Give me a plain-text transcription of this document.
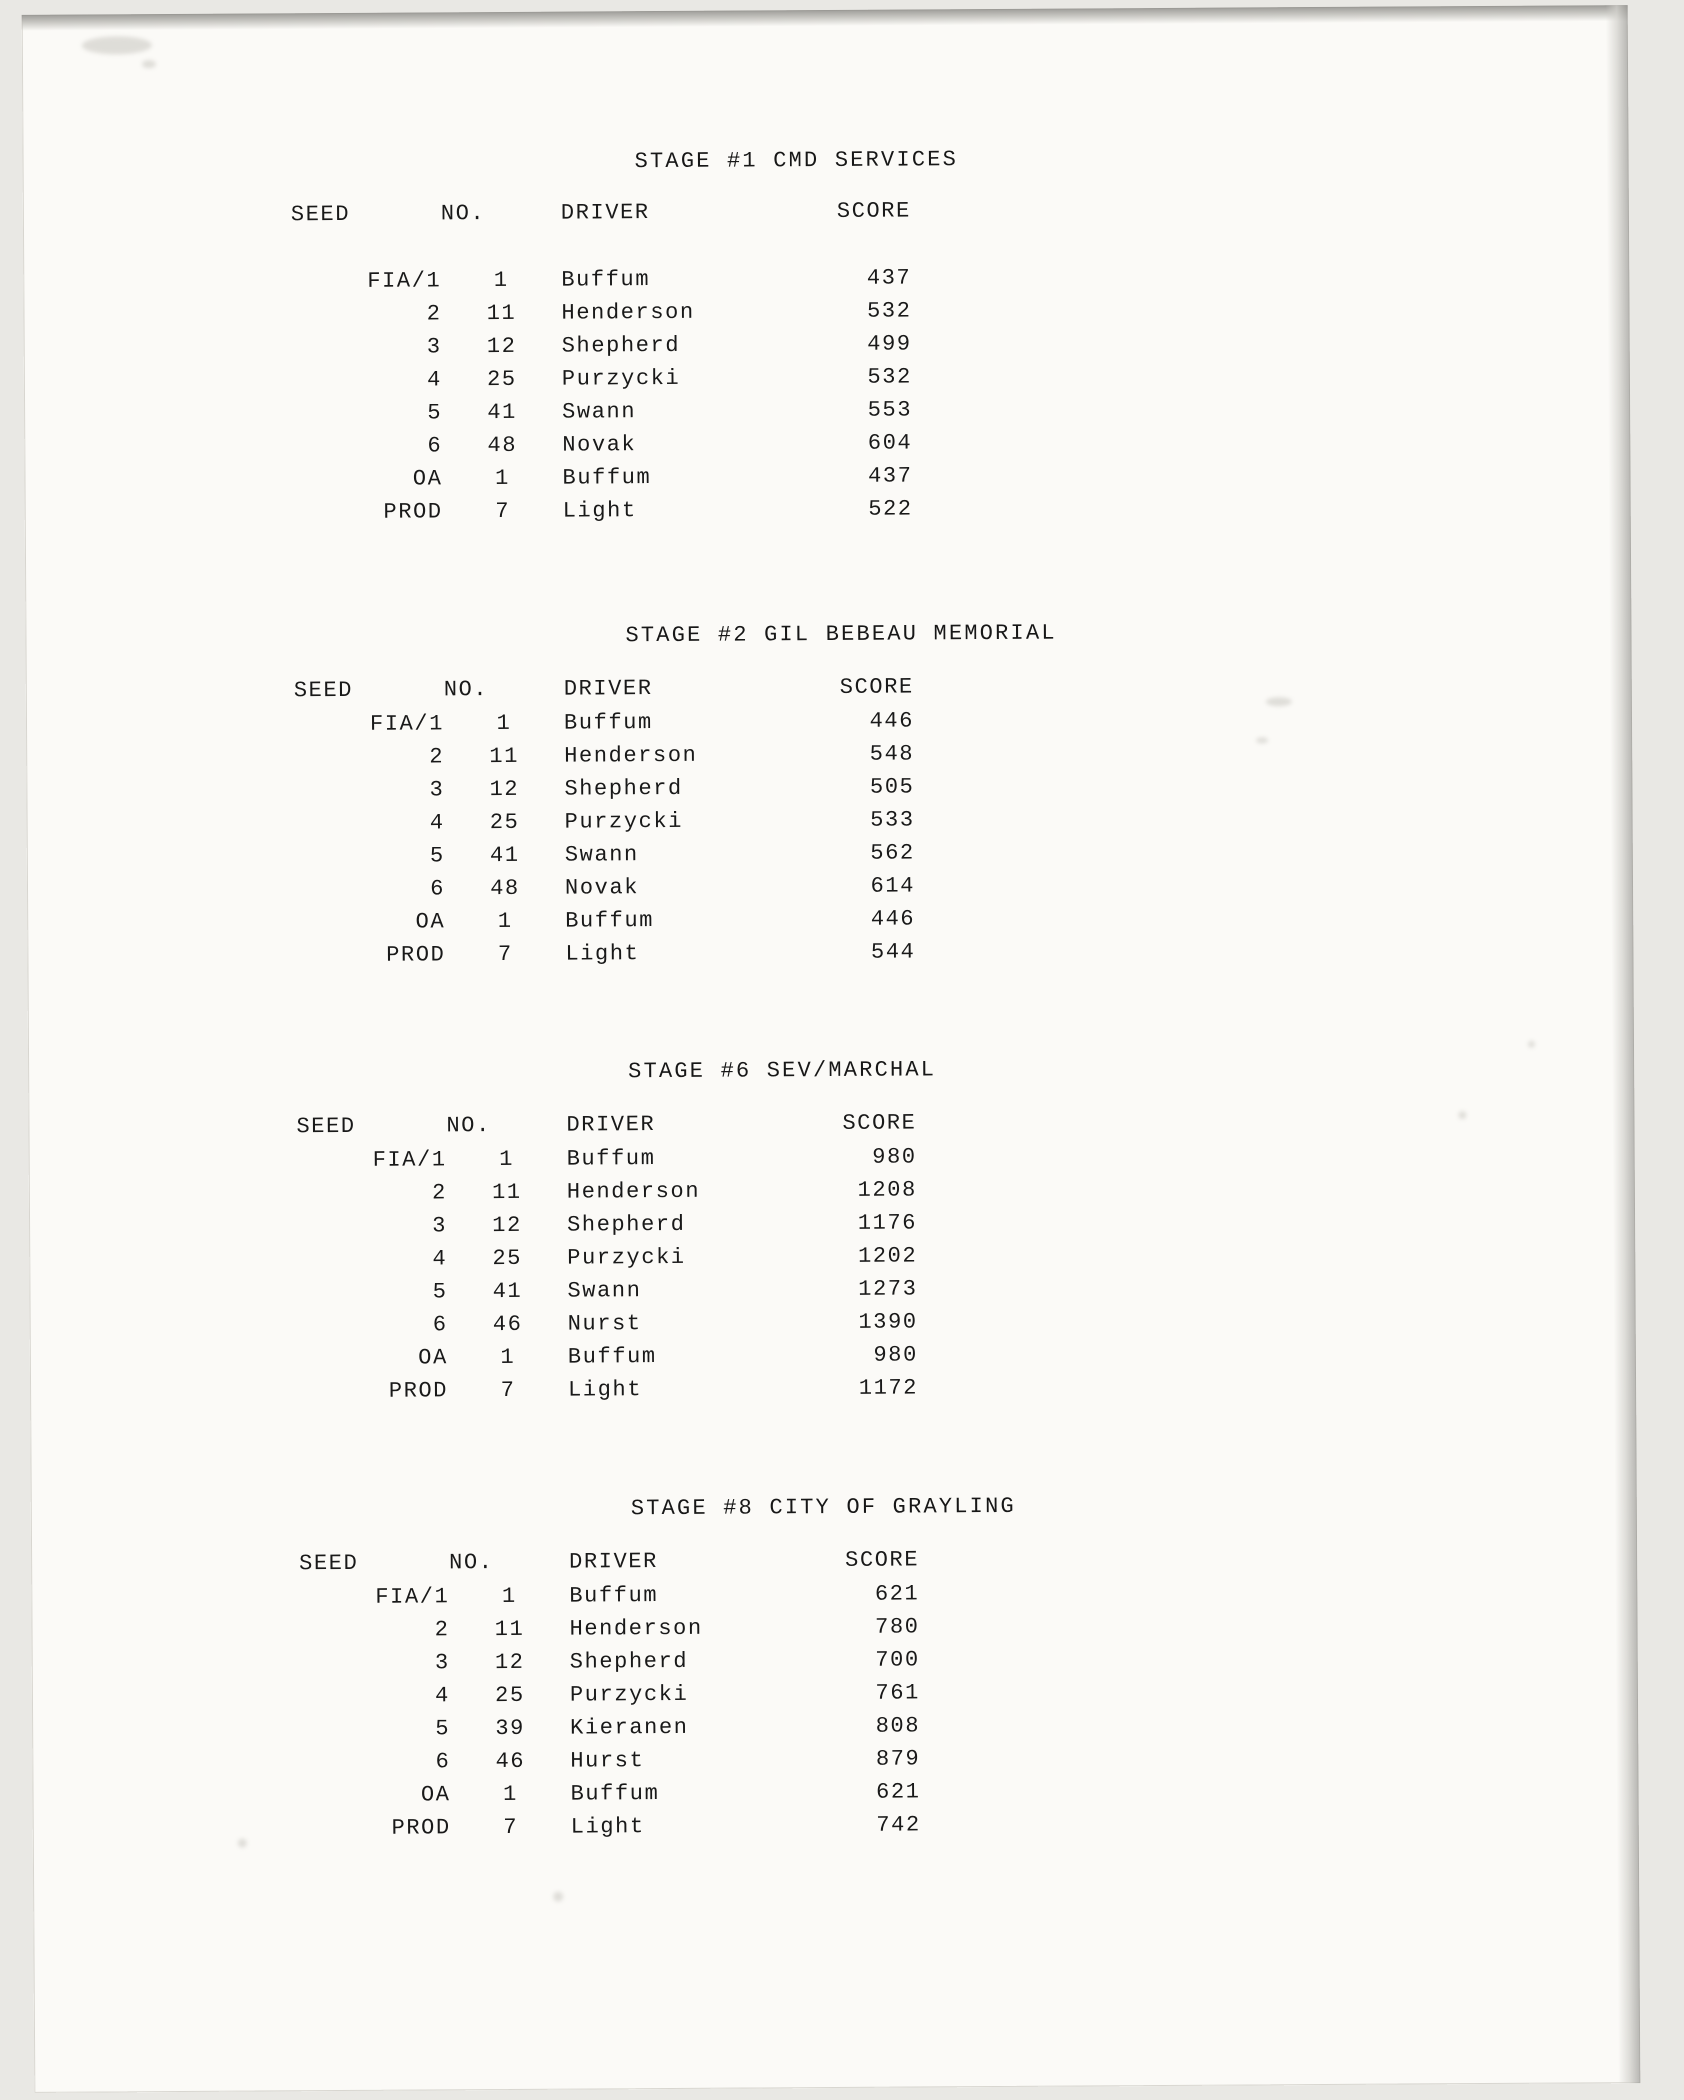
STAGE #1 CMD SERVICES
SEED	NO.	DRIVER	SCORE

FIA/1	1	Buffum	437
2	11	Henderson	532
3	12	Shepherd	499
4	25	Purzycki	532
5	41	Swann	553
6	48	Novak	604
OA	1	Buffum	437
PROD	7	Light	522
STAGE #2 GIL BEBEAU MEMORIAL
SEED	NO.	DRIVER	SCORE
FIA/1	1	Buffum	446
2	11	Henderson	548
3	12	Shepherd	505
4	25	Purzycki	533
5	41	Swann	562
6	48	Novak	614
OA	1	Buffum	446
PROD	7	Light	544
STAGE #6 SEV/MARCHAL
SEED	NO.	DRIVER	SCORE
FIA/1	1	Buffum	980
2	11	Henderson	1208
3	12	Shepherd	1176
4	25	Purzycki	1202
5	41	Swann	1273
6	46	Nurst	1390
OA	1	Buffum	980
PROD	7	Light	1172
STAGE #8 CITY OF GRAYLING
SEED	NO.	DRIVER	SCORE
FIA/1	1	Buffum	621
2	11	Henderson	780
3	12	Shepherd	700
4	25	Purzycki	761
5	39	Kieranen	808
6	46	Hurst	879
OA	1	Buffum	621
PROD	7	Light	742
